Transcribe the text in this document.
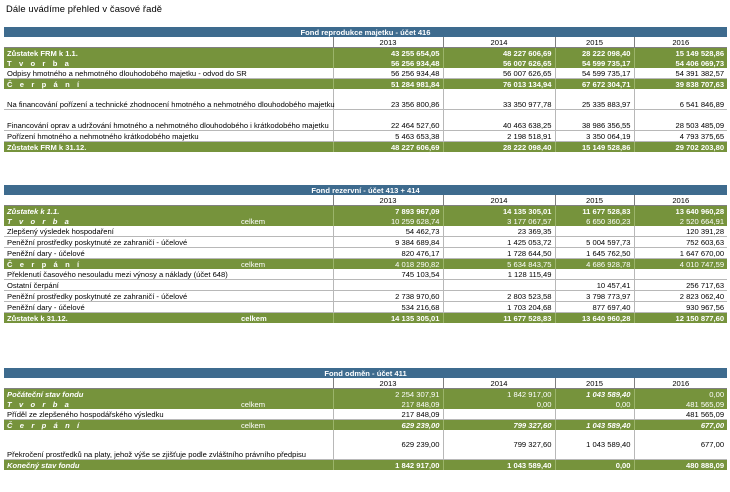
Dále uvádíme přehled v časové řadě
Fond reprodukce majetku - účet 416				
	2013	2014	2015	2016
Zůstatek FRM k 1.1.	43 255 654,05	48 227 606,69	28 222 098,40	15 149 528,86
T v o r b a	56 256 934,48	56 007 626,65	54 599 735,17	54 406 069,73
Odpisy hmotného a nehmotného dlouhodobého majetku - odvod do SR	56 256 934,48	56 007 626,65	54 599 735,17	54 391 382,57
Č e r p á n í	51 284 981,84	76 013 134,94	67 672 304,71	39 838 707,63
Na financování pořízení a technické zhodnocení hmotného a nehmotného dlouhodobého majetku	23 356 800,86	33 350 977,78	25 335 883,97	6 541 846,89
Financování oprav a udržování hmotného a nehmotného dlouhodobého i krátkodobého majetku	22 464 527,60	40 463 638,25	38 986 356,55	28 503 485,09
Pořízení hmotného a nehmotného krátkodobého majetku	5 463 653,38	2 198 518,91	3 350 064,19	4 793 375,65
Zůstatek FRM k 31.12.	48 227 606,69	28 222 098,40	15 149 528,86	29 702 203,80
Fond rezervní - účet 413 + 414					
		2013	2014	2015	2016
Zůstatek k 1.1.		7 893 967,09	14 135 305,01	11 677 528,83	13 640 960,28
T v o r b a	celkem	10 259 628,74	3 177 067,57	6 650 360,23	2 520 664,91
Zlepšený výsledek hospodaření		54 462,73	23 369,35		120 391,28
Peněžní prostředky poskytnuté ze zahraničí - účelové		9 384 689,84	1 425 053,72	5 004 597,73	752 603,63
Peněžní dary - účelové		820 476,17	1 728 644,50	1 645 762,50	1 647 670,00
Č e r p á n í	celkem	4 018 290,82	5 634 843,75	4 686 928,78	4 010 747,59
Překlenutí časového nesouladu mezi výnosy a náklady (účet 648)		745 103,54	1 128 115,49		
Ostatní čerpání				10 457,41	256 717,63
Peněžní prostředky poskytnuté ze zahraničí - účelové		2 738 970,60	2 803 523,58	3 798 773,97	2 823 062,40
Peněžní dary - účelové		534 216,68	1 703 204,68	877 697,40	930 967,56
Zůstatek k 31.12.	celkem	14 135 305,01	11 677 528,83	13 640 960,28	12 150 877,60
Fond odměn - účet 411					
		2013	2014	2015	2016
Počáteční stav fondu		2 254 307,91	1 842 917,00	1 043 589,40	0,00
T v o r b a	celkem	217 848,09	0,00	0,00	481 565,09
Příděl ze zlepšeného hospodářského výsledku		217 848,09			481 565,09
Č e r p á n í	celkem	629 239,00	799 327,60	1 043 589,40	677,00
Překročení prostředků na platy, jehož výše se zjišťuje podle zvláštního právního předpisu		629 239,00	799 327,60	1 043 589,40	677,00
Konečný stav fondu		1 842 917,00	1 043 589,40	0,00	480 888,09
